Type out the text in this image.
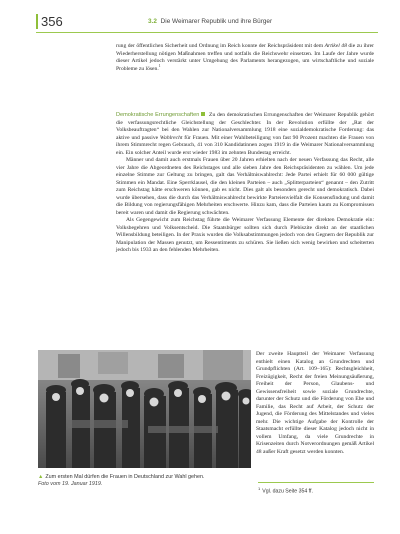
356	3.2 Die Weimarer Republik und ihre Bürger

rung der öffentlichen Sicherheit und Ordnung im Reich konnte der Reichspräsident mit dem Artikel 48 die zu ihrer Wiederherstellung nötigen Maßnahmen treffen und notfalls die Reichswehr einsetzen. Im Laufe der Jahre wurde dieser Artikel jedoch verstärkt unter Umgehung des Parlaments herangezogen, um wirtschaftliche und soziale Probleme zu lösen.$^1$

Demokratische Errungenschaften Zu den demokratischen Errungenschaften der Weimarer Republik gehört die verfassungsrechtliche Gleichstellung der Geschlechter. In der Revolution erfüllte der „Rat der Volksbeauftragten“ bei den Wahlen zur Nationalversammlung 1918 eine sozialdemokratische Forderung: das aktive und passive Wahlrecht für Frauen. Mit einer Wahlbeteiligung von fast 90 Prozent machten die Frauen von ihrem Stimmrecht regen Gebrauch, 41 von 310 Kandidatinnen zogen 1919 in die Weimarer Nationalversammlung ein. Ein solcher Anteil wurde erst wieder 1983 im zehnten Bundestag erreicht.

Männer und damit auch erstmals Frauen über 20 Jahren erhielten nach der neuen Verfassung das Recht, alle vier Jahre die Abgeordneten des Reichstages und alle sieben Jahre den Reichspräsidenten zu wählen. Um jede einzelne Stimme zur Geltung zu bringen, galt das Verhältniswahlrecht: Jede Partei erhielt für 60 000 gültige Stimmen ein Mandat. Eine Sperrklausel, die den kleinen Parteien – auch „Splitterparteien“ genannt – den Zutritt zum Reichstag hätte erschweren können, gab es nicht. Dies galt als besonders gerecht und demokratisch. Dabei wurde übersehen, dass die durch das Verhältniswahlrecht bewirkte Parteienvielfalt die Konsensfindung und damit die Bildung von regierungsfähigen Mehrheiten erschwerte. Hinzu kam, dass die Parteien kaum zu Kompromissen bereit waren und damit die Regierung schwächten.

Als Gegengewicht zum Reichstag führte die Weimarer Verfassung Elemente der direkten Demokratie ein: Volksbegehren und Volksentscheid. Die Staatsbürger sollten sich durch Plebiszite direkt an der staatlichen Willensbildung beteiligen. In der Praxis wurden die Volksabstimmungen jedoch von den Gegnern der Republik zur Manipulation der Massen genutzt, um Ressentiments zu schüren. Sie ließen sich wenig bewirken und scheiterten jedoch bis 1933 an den fehlenden Mehrheiten.

▲ Zum ersten Mal dürfen die Frauen in Deutschland zur Wahl gehen.
Foto vom 19. Januar 1919.

Der zweite Hauptteil der Weimarer Verfassung enthielt einen Katalog an Grundrechten und Grundpflichten (Art. 109–165): Rechtsgleichheit, Freizügigkeit, Recht der freien Meinungsäußerung, Freiheit der Person, Glaubens- und Gewissensfreiheit sowie soziale Grundrechte, darunter der Schutz und die Förderung von Ehe und Familie, das Recht auf Arbeit, der Schutz der Jugend, die Förderung des Mittelstandes und vieles mehr. Die wichtige Aufgabe der Kontrolle der Staatsmacht erfüllte dieser Katalog jedoch nicht in vollem Umfang, da viele Grundrechte in Krisenzeiten durch Notverordnungen gemäß Artikel 48 außer Kraft gesetzt werden konnten.

$^1$Vgl. dazu Seite 354 ff.
